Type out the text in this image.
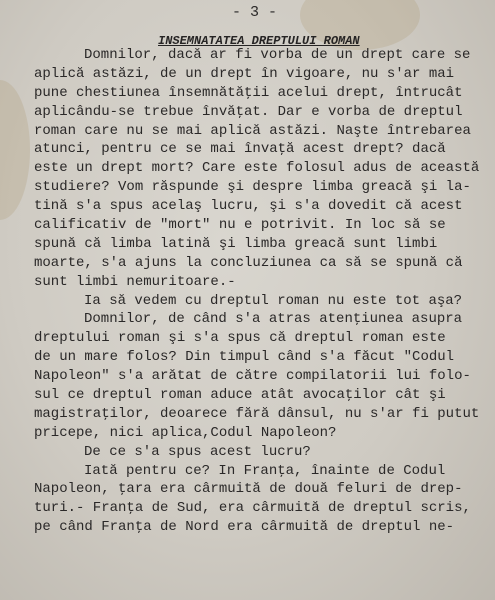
- 3 -
INSEMNATATEA DREPTULUI ROMAN
Domnilor, dacă ar fi vorba de un drept care se
aplică astăzi, de un drept în vigoare, nu s'ar mai
pune chestiunea însemnătăţii acelui drept, întrucât
aplicându-se trebue învăţat. Dar e vorba de dreptul
roman care nu se mai aplică astăzi. Naşte întrebarea
atunci, pentru ce se mai învaţă acest drept? dacă
este un drept mort? Care este folosul adus de această
studiere? Vom răspunde şi despre limba greacă şi la-
tină s'a spus acelaş lucru, şi s'a dovedit că acest
calificativ de "mort" nu e potrivit. In loc să se
spună că limba latină şi limba greacă sunt limbi
moarte, s'a ajuns la concluziunea ca să se spună că
sunt limbi nemuritoare.-
Ia să vedem cu dreptul roman nu este tot aşa?
Domnilor, de când s'a atras atenţiunea asupra
dreptului roman şi s'a spus că dreptul roman este
de un mare folos? Din timpul când s'a făcut "Codul
Napoleon" s'a arătat de către compilatorii lui folo-
sul ce dreptul roman aduce atât avocaţilor cât şi
magistraţilor, deoarece fără dânsul, nu s'ar fi putut
pricepe, nici aplica,Codul Napoleon?
De ce s'a spus acest lucru?
Iată pentru ce? In Franţa, înainte de Codul
Napoleon, ţara era cârmuită de două feluri de drep-
turi.- Franţa de Sud, era cârmuită de dreptul scris,
pe când Franţa de Nord era cârmuită de dreptul ne-
